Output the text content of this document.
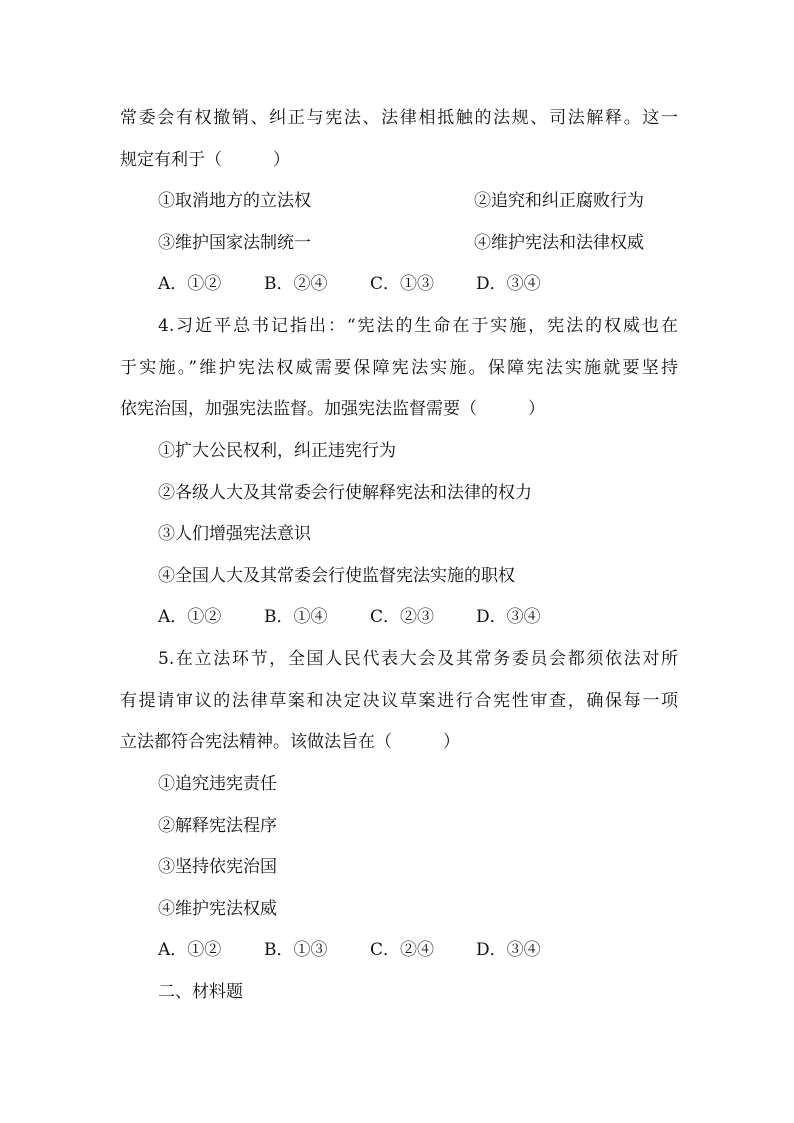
常委会有权撤销、纠正与宪法、法律相抵触的法规、司法解释。这一
规定有利于（　　　）
①取消地方的立法权	②追究和纠正腐败行为
③维护国家法制统一	④维护宪法和法律权威
A．①②	B．②④	C．①③	D．③④
4.习近平总书记指出：“宪法的生命在于实施，宪法的权威也在
于实施。”维护宪法权威需要保障宪法实施。保障宪法实施就要坚持
依宪治国，加强宪法监督。加强宪法监督需要（　　　）
①扩大公民权利，纠正违宪行为
②各级人大及其常委会行使解释宪法和法律的权力
③人们增强宪法意识
④全国人大及其常委会行使监督宪法实施的职权
A．①②	B．①④	C．②③	D．③④
5.在立法环节，全国人民代表大会及其常务委员会都须依法对所
有提请审议的法律草案和决定决议草案进行合宪性审查，确保每一项
立法都符合宪法精神。该做法旨在（　　　）
①追究违宪责任
②解释宪法程序
③坚持依宪治国
④维护宪法权威
A．①②	B．①③	C．②④	D．③④
二、材料题
